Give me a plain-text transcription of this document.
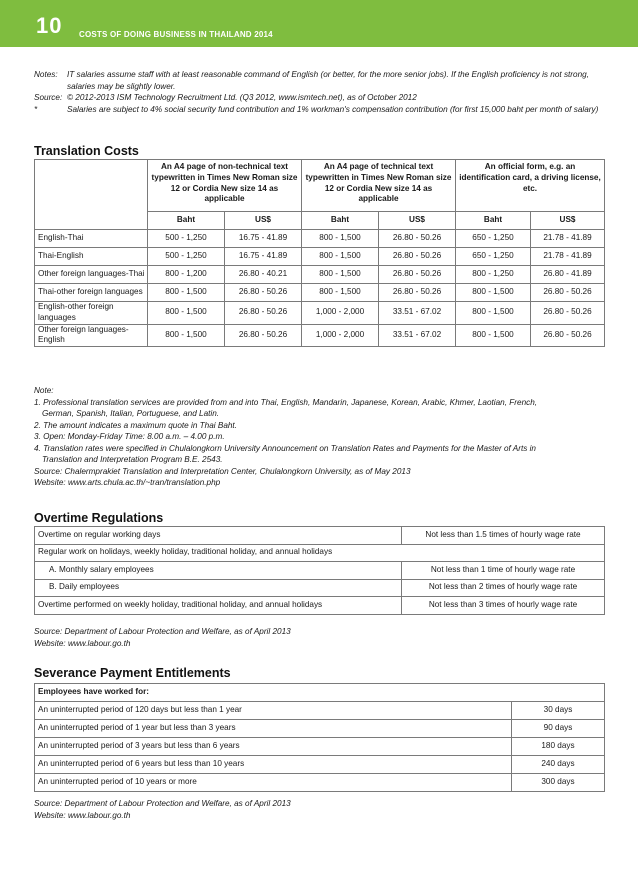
10 COSTS OF DOING BUSINESS IN THAILAND 2014
Notes:	IT salaries assume staff with at least reasonable command of English (or better, for the more senior jobs). If the English proficiency is not strong, salaries may be slightly lower.
Source: © 2012-2013 ISM Technology Recruitment Ltd. (Q3 2012, www.ismtech.net), as of October 2012
*	Salaries are subject to 4% social security fund contribution and 1% workman's compensation contribution (for first 15,000 baht per month of salary)
Translation Costs
	An A4 page of non-technical text typewritten in Times New Roman size 12 or Cordia New size 14 as applicable		An A4 page of technical text typewritten in Times New Roman size 12 or Cordia New size 14 as applicable		An official form, e.g. an identification card, a driving license, etc.	
	Baht	US$	Baht	US$	Baht	US$
English-Thai	500 - 1,250	16.75 - 41.89	800 - 1,500	26.80 - 50.26	650 - 1,250	21.78 - 41.89
Thai-English	500 - 1,250	16.75 - 41.89	800 - 1,500	26.80 - 50.26	650 - 1,250	21.78 - 41.89
Other foreign languages-Thai	800 - 1,200	26.80 - 40.21	800 - 1,500	26.80 - 50.26	800 - 1,250	26.80 - 41.89
Thai-other foreign languages	800 - 1,500	26.80 - 50.26	800 - 1,500	26.80 - 50.26	800 - 1,500	26.80 - 50.26
English-other foreign languages	800 - 1,500	26.80 - 50.26	1,000 - 2,000	33.51 - 67.02	800 - 1,500	26.80 - 50.26
Other foreign languages-English	800 - 1,500	26.80 - 50.26	1,000 - 2,000	33.51 - 67.02	800 - 1,500	26.80 - 50.26
Note:
1. Professional translation services are provided from and into Thai, English, Mandarin, Japanese, Korean, Arabic, Khmer, Laotian, French,
German, Spanish, Italian, Portuguese, and Latin.
2. The amount indicates a maximum quote in Thai Baht.
3. Open: Monday-Friday Time: 8.00 a.m. – 4.00 p.m.
4. Translation rates were specified in Chulalongkorn University Announcement on Translation Rates and Payments for the Master of Arts in
Translation and Interpretation Program B.E. 2543.
Source: Chalermprakiet Translation and Interpretation Center, Chulalongkorn University, as of May 2013
Website: www.arts.chula.ac.th/~tran/translation.php
Overtime Regulations
Overtime on regular working days	Not less than 1.5 times of hourly wage rate
Regular work on holidays, weekly holiday, traditional holiday, and annual holidays	
A. Monthly salary employees	Not less than 1 time of hourly wage rate
B. Daily employees	Not less than 2 times of hourly wage rate
Overtime performed on weekly holiday, traditional holiday, and annual holidays	Not less than 3 times of hourly wage rate
Source: Department of Labour Protection and Welfare, as of April 2013
Website: www.labour.go.th
Severance Payment Entitlements
Employees have worked for:	
An uninterrupted period of 120 days but less than 1 year	30 days
An uninterrupted period of 1 year but less than 3 years	90 days
An uninterrupted period of 3 years but less than 6 years	180 days
An uninterrupted period of 6 years but less than 10 years	240 days
An uninterrupted period of 10 years or more	300 days
Source: Department of Labour Protection and Welfare, as of April 2013
Website: www.labour.go.th
